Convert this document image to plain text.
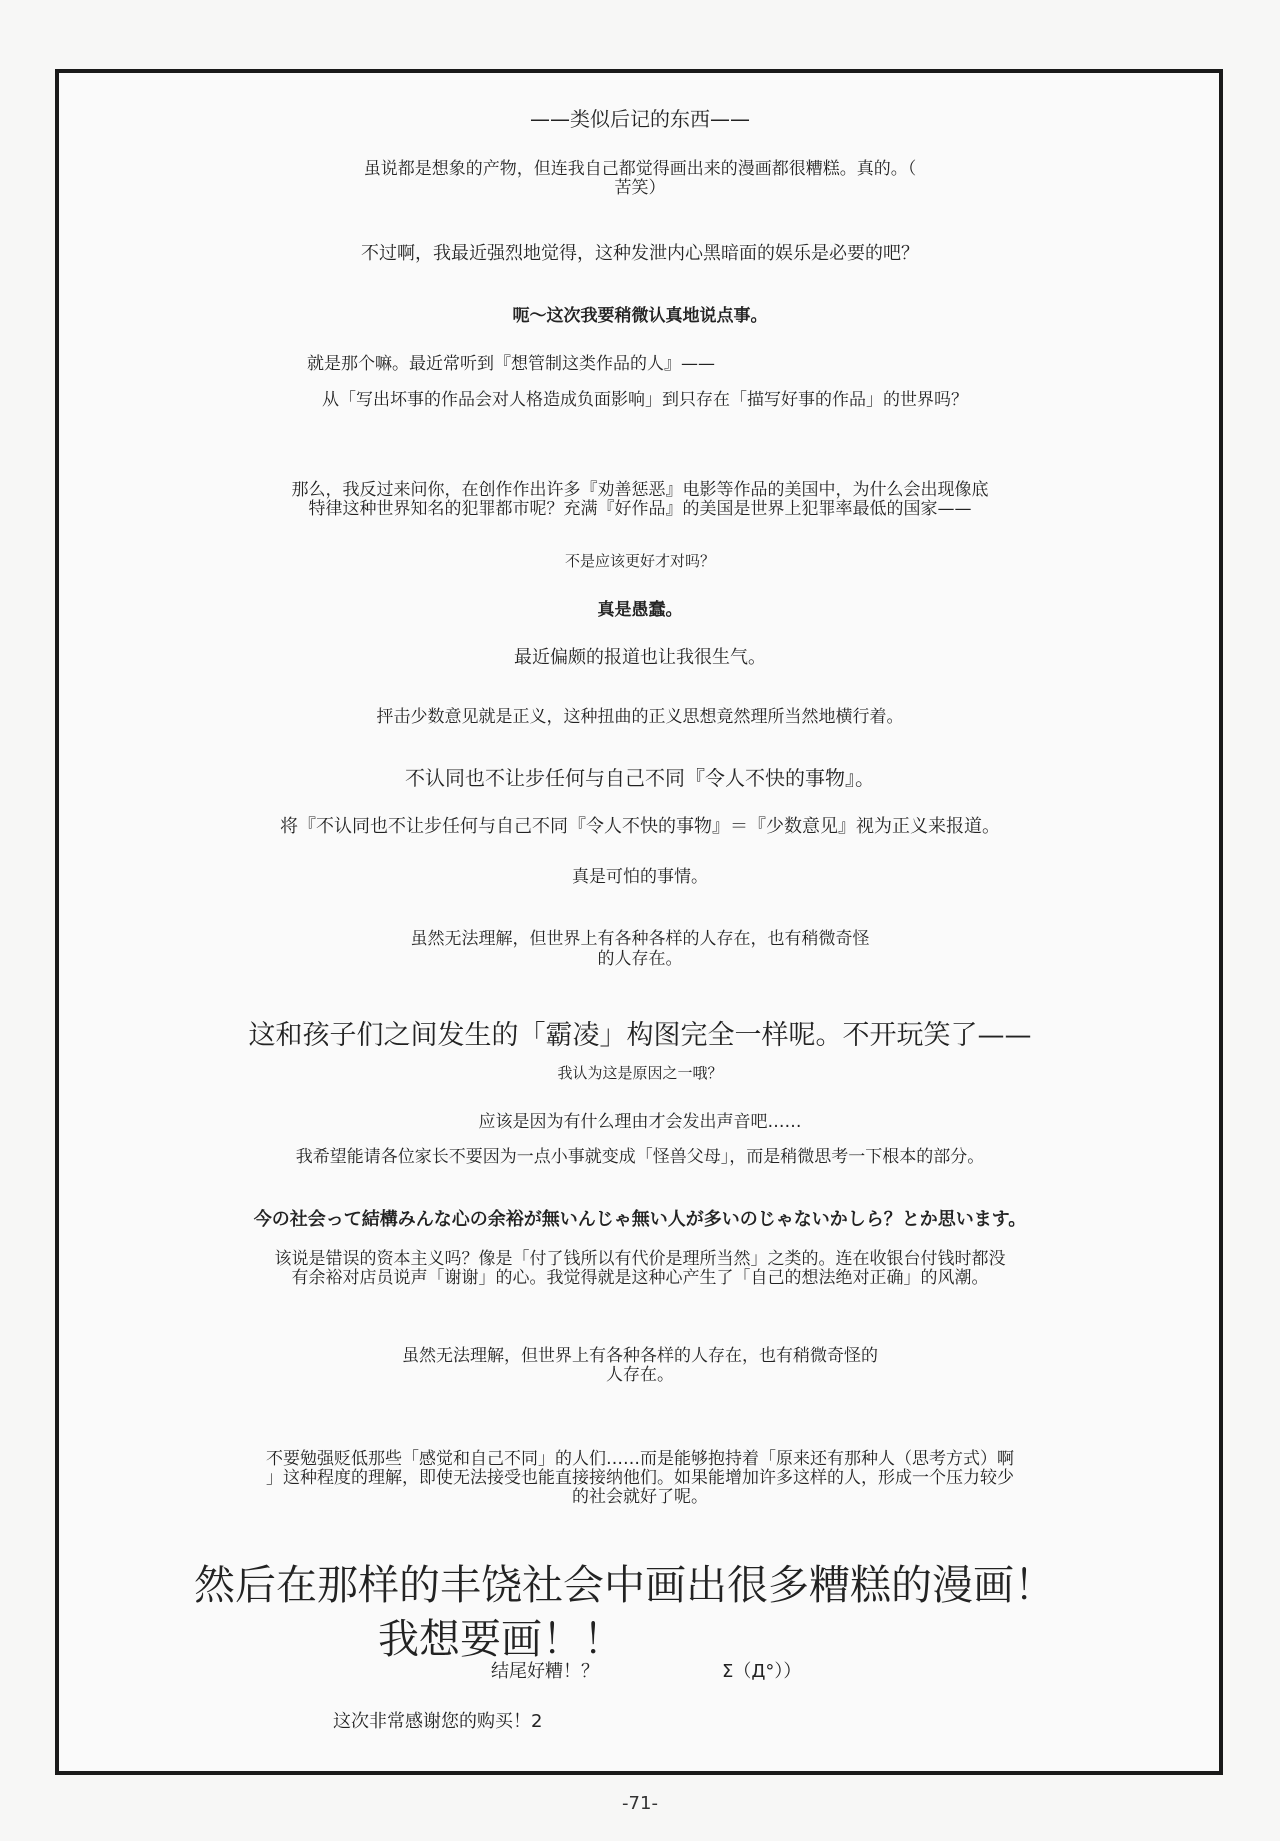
——类似后记的东西——

虽说都是想象的产物，但连我自己都觉得画出来的漫画都很糟糕。真的。（

苦笑）

不过啊，我最近强烈地觉得，这种发泄内心黑暗面的娱乐是必要的吧？

呃～这次我要稍微认真地说点事。

就是那个嘛。最近常听到『想管制这类作品的人』——

从「写出坏事的作品会对人格造成负面影响」到只存在「描写好事的作品」的世界吗？

那么，我反过来问你，在创作作出许多『劝善惩恶』电影等作品的美国中，为什么会出现像底

特律这种世界知名的犯罪都市呢？充满『好作品』的美国是世界上犯罪率最低的国家——

不是应该更好才对吗？

真是愚蠢。

最近偏颇的报道也让我很生气。

抨击少数意见就是正义，这种扭曲的正义思想竟然理所当然地横行着。

不认同也不让步任何与自己不同『令人不快的事物』。

将『不认同也不让步任何与自己不同『令人不快的事物』＝『少数意见』视为正义来报道。

真是可怕的事情。

虽然无法理解，但世界上有各种各样的人存在，也有稍微奇怪

的人存在。

这和孩子们之间发生的「霸凌」构图完全一样呢。不开玩笑了——

我认为这是原因之一哦？

应该是因为有什么理由才会发出声音吧……

我希望能请各位家长不要因为一点小事就变成「怪兽父母」，而是稍微思考一下根本的部分。

今の社会って結構みんな心の余裕が無いんじゃ無い人が多いのじゃないかしら？とか思います。

该说是错误的资本主义吗？像是「付了钱所以有代价是理所当然」之类的。连在收银台付钱时都没

有余裕对店员说声「谢谢」的心。我觉得就是这种心产生了「自己的想法绝对正确」的风潮。

虽然无法理解，但世界上有各种各样的人存在，也有稍微奇怪的

人存在。

不要勉强贬低那些「感觉和自己不同」的人们……而是能够抱持着「原来还有那种人（思考方式）啊

」这种程度的理解，即使无法接受也能直接接纳他们。如果能增加许多这样的人，形成一个压力较少

的社会就好了呢。

然后在那样的丰饶社会中画出很多糟糕的漫画！

我想要画！！

结尾好糟！？	Σ（Д°））

这次非常感谢您的购买！2

-71-
